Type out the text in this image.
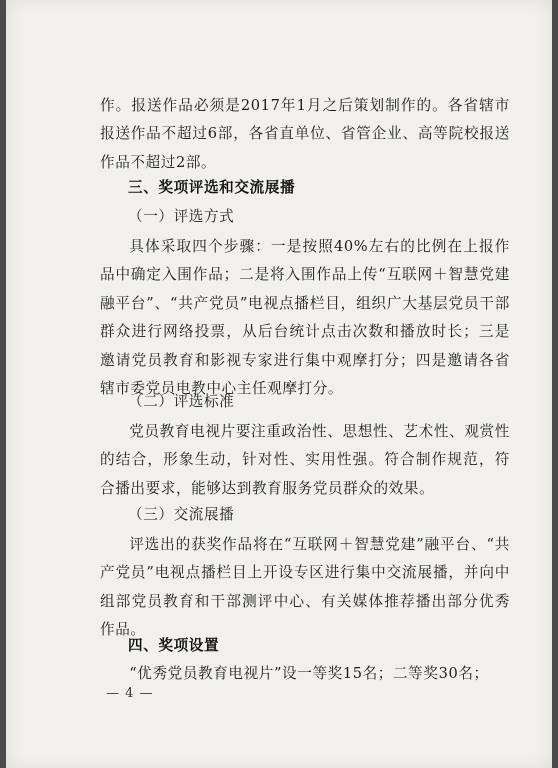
作。报送作品必须是2017年1月之后策划制作的。各省辖市报送作品不超过6部，各省直单位、省管企业、高等院校报送作品不超过2部。

三、奖项评选和交流展播
（一）评选方式

具体采取四个步骤：一是按照40%左右的比例在上报作品中确定入围作品；二是将入围作品上传“互联网＋智慧党建融平台”、“共产党员”电视点播栏目，组织广大基层党员干部群众进行网络投票，从后台统计点击次数和播放时长；三是邀请党员教育和影视专家进行集中观摩打分；四是邀请各省辖市委党员电教中心主任观摩打分。

（二）评选标准

党员教育电视片要注重政治性、思想性、艺术性、观赏性的结合，形象生动，针对性、实用性强。符合制作规范，符合播出要求，能够达到教育服务党员群众的效果。

（三）交流展播

评选出的获奖作品将在“互联网＋智慧党建”融平台、“共产党员”电视点播栏目上开设专区进行集中交流展播，并向中组部党员教育和干部测评中心、有关媒体推荐播出部分优秀作品。

四、奖项设置

“优秀党员教育电视片”设一等奖15名；二等奖30名；

— 4 —
